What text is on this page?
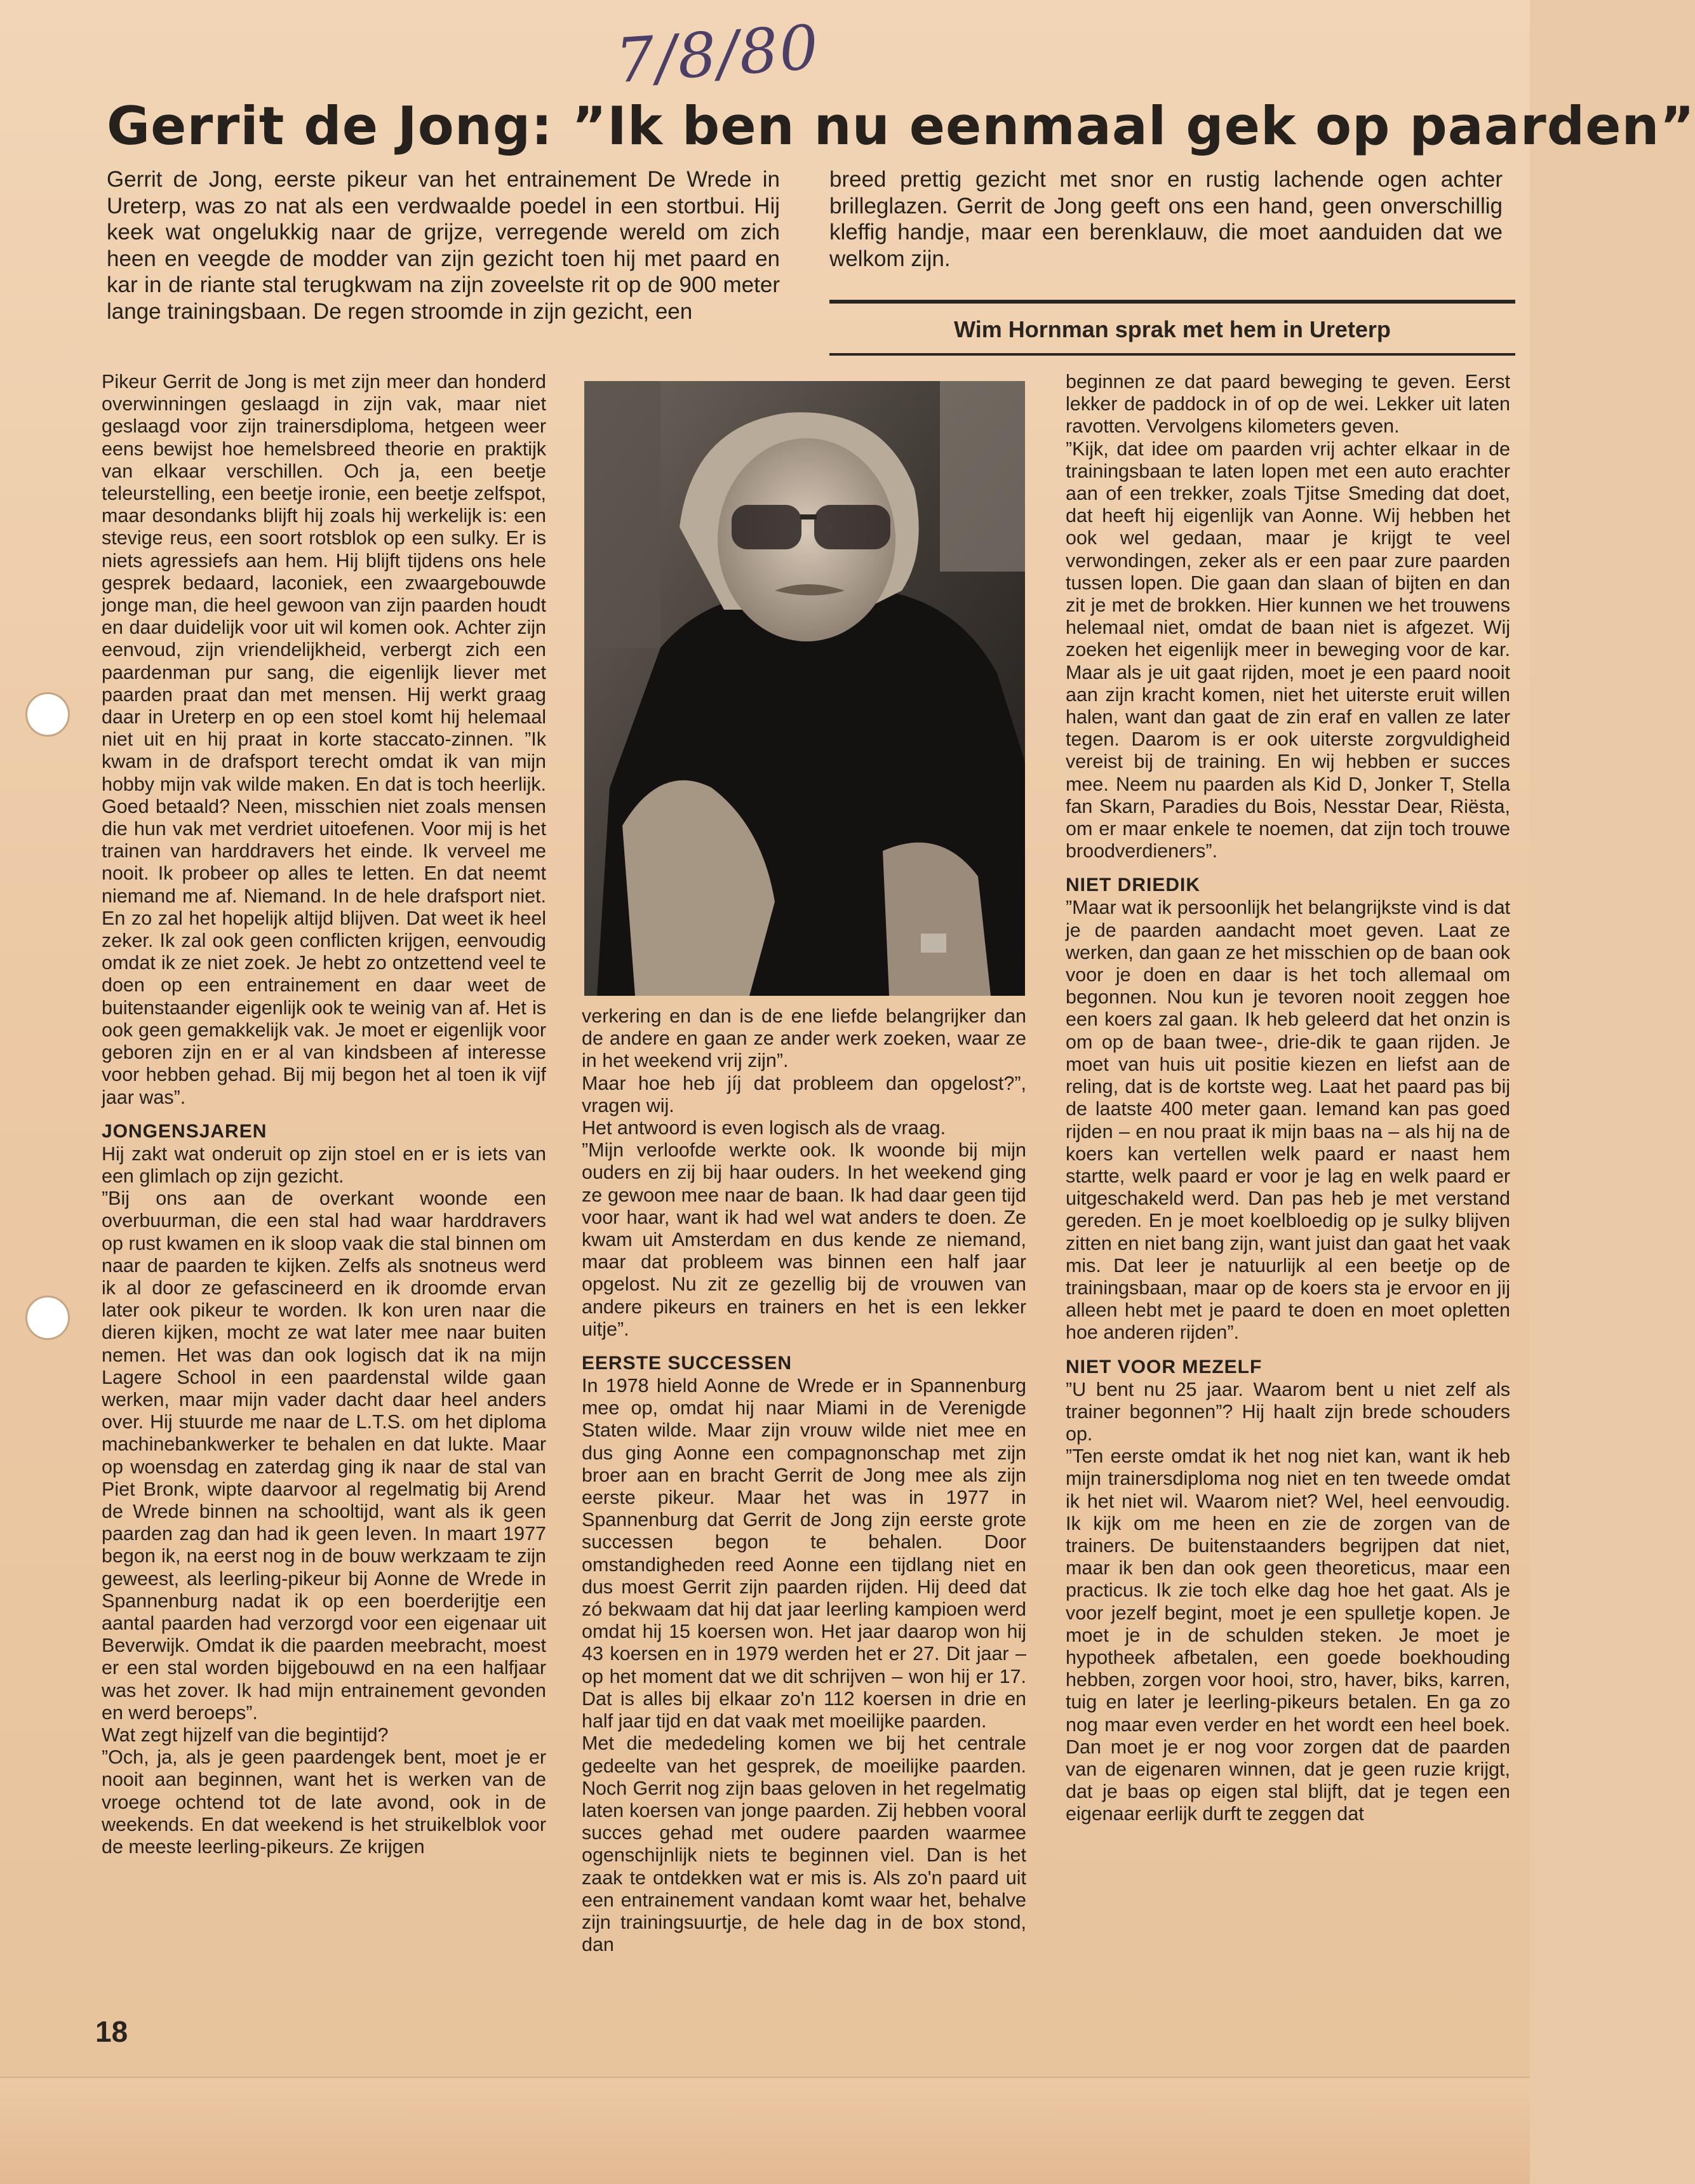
7/8/80
Gerrit de Jong: ”Ik ben nu eenmaal gek op paarden”

Gerrit de Jong, eerste pikeur van het entrainement De Wrede in Ureterp, was zo nat als een verdwaalde poedel in een stortbui. Hij keek wat ongelukkig naar de grijze, verregende wereld om zich heen en veegde de modder van zijn gezicht toen hij met paard en kar in de riante stal terugkwam na zijn zoveelste rit op de 900 meter lange trainingsbaan. De regen stroomde in zijn gezicht, een

breed prettig gezicht met snor en rustig lachende ogen achter brilleglazen. Gerrit de Jong geeft ons een hand, geen onverschillig kleffig handje, maar een berenklauw, die moet aanduiden dat we welkom zijn.

Wim Hornman sprak met hem in Ureterp

Pikeur Gerrit de Jong is met zijn meer dan honderd overwinningen geslaagd in zijn vak, maar niet geslaagd voor zijn trainersdiploma, hetgeen weer eens bewijst hoe hemelsbreed theorie en praktijk van elkaar verschillen. Och ja, een beetje teleurstelling, een beetje ironie, een beetje zelfspot, maar desondanks blijft hij zoals hij werkelijk is: een stevige reus, een soort rotsblok op een sulky. Er is niets agressiefs aan hem. Hij blijft tijdens ons hele gesprek bedaard, laconiek, een zwaargebouwde jonge man, die heel gewoon van zijn paarden houdt en daar duidelijk voor uit wil komen ook. Achter zijn eenvoud, zijn vriendelijkheid, verbergt zich een paardenman pur sang, die eigenlijk liever met paarden praat dan met mensen. Hij werkt graag daar in Ureterp en op een stoel komt hij helemaal niet uit en hij praat in korte staccato-zinnen. ”Ik kwam in de drafsport terecht omdat ik van mijn hobby mijn vak wilde maken. En dat is toch heerlijk. Goed betaald? Neen, misschien niet zoals mensen die hun vak met verdriet uitoefenen. Voor mij is het trainen van harddravers het einde. Ik verveel me nooit. Ik probeer op alles te letten. En dat neemt niemand me af. Niemand. In de hele drafsport niet. En zo zal het hopelijk altijd blijven. Dat weet ik heel zeker. Ik zal ook geen conflicten krijgen, eenvoudig omdat ik ze niet zoek. Je hebt zo ontzettend veel te doen op een entrainement en daar weet de buitenstaander eigenlijk ook te weinig van af. Het is ook geen gemakkelijk vak. Je moet er eigenlijk voor geboren zijn en er al van kindsbeen af interesse voor hebben gehad. Bij mij begon het al toen ik vijf jaar was”.

JONGENSJAREN

Hij zakt wat onderuit op zijn stoel en er is iets van een glimlach op zijn gezicht.

”Bij ons aan de overkant woonde een overbuurman, die een stal had waar harddravers op rust kwamen en ik sloop vaak die stal binnen om naar de paarden te kijken. Zelfs als snotneus werd ik al door ze gefascineerd en ik droomde ervan later ook pikeur te worden. Ik kon uren naar die dieren kijken, mocht ze wat later mee naar buiten nemen. Het was dan ook logisch dat ik na mijn Lagere School in een paardenstal wilde gaan werken, maar mijn vader dacht daar heel anders over. Hij stuurde me naar de L.T.S. om het diploma machinebankwerker te behalen en dat lukte. Maar op woensdag en zaterdag ging ik naar de stal van Piet Bronk, wipte daarvoor al regelmatig bij Arend de Wrede binnen na schooltijd, want als ik geen paarden zag dan had ik geen leven. In maart 1977 begon ik, na eerst nog in de bouw werkzaam te zijn geweest, als leerling-pikeur bij Aonne de Wrede in Spannenburg nadat ik op een boerderijtje een aantal paarden had verzorgd voor een eigenaar uit Beverwijk. Omdat ik die paarden meebracht, moest er een stal worden bijgebouwd en na een halfjaar was het zover. Ik had mijn entrainement gevonden en werd beroeps”.

Wat zegt hijzelf van die begintijd?

”Och, ja, als je geen paardengek bent, moet je er nooit aan beginnen, want het is werken van de vroege ochtend tot de late avond, ook in de weekends. En dat weekend is het struikelblok voor de meeste leerling-pikeurs. Ze krijgen

verkering en dan is de ene liefde belangrijker dan de andere en gaan ze ander werk zoeken, waar ze in het weekend vrij zijn”.

Maar hoe heb jíj dat probleem dan opgelost?”, vragen wij.

Het antwoord is even logisch als de vraag.

”Mijn verloofde werkte ook. Ik woonde bij mijn ouders en zij bij haar ouders. In het weekend ging ze gewoon mee naar de baan. Ik had daar geen tijd voor haar, want ik had wel wat anders te doen. Ze kwam uit Amsterdam en dus kende ze niemand, maar dat probleem was binnen een half jaar opgelost. Nu zit ze gezellig bij de vrouwen van andere pikeurs en trainers en het is een lekker uitje”.

EERSTE SUCCESSEN

In 1978 hield Aonne de Wrede er in Spannenburg mee op, omdat hij naar Miami in de Verenigde Staten wilde. Maar zijn vrouw wilde niet mee en dus ging Aonne een compagnonschap met zijn broer aan en bracht Gerrit de Jong mee als zijn eerste pikeur. Maar het was in 1977 in Spannenburg dat Gerrit de Jong zijn eerste grote successen begon te behalen. Door omstandigheden reed Aonne een tijdlang niet en dus moest Gerrit zijn paarden rijden. Hij deed dat zó bekwaam dat hij dat jaar leerling kampioen werd omdat hij 15 koersen won. Het jaar daarop won hij 43 koersen en in 1979 werden het er 27. Dit jaar – op het moment dat we dit schrijven – won hij er 17. Dat is alles bij elkaar zo'n 112 koersen in drie en half jaar tijd en dat vaak met moeilijke paarden.

Met die mededeling komen we bij het centrale gedeelte van het gesprek, de moeilijke paarden. Noch Gerrit nog zijn baas geloven in het regelmatig laten koersen van jonge paarden. Zij hebben vooral succes gehad met oudere paarden waarmee ogenschijnlijk niets te beginnen viel. Dan is het zaak te ontdekken wat er mis is. Als zo'n paard uit een entrainement vandaan komt waar het, behalve zijn trainingsuurtje, de hele dag in de box stond, dan

beginnen ze dat paard beweging te geven. Eerst lekker de paddock in of op de wei. Lekker uit laten ravotten. Vervolgens kilometers geven.

”Kijk, dat idee om paarden vrij achter elkaar in de trainingsbaan te laten lopen met een auto erachter aan of een trekker, zoals Tjitse Smeding dat doet, dat heeft hij eigenlijk van Aonne. Wij hebben het ook wel gedaan, maar je krijgt te veel verwondingen, zeker als er een paar zure paarden tussen lopen. Die gaan dan slaan of bijten en dan zit je met de brokken. Hier kunnen we het trouwens helemaal niet, omdat de baan niet is afgezet. Wij zoeken het eigenlijk meer in beweging voor de kar. Maar als je uit gaat rijden, moet je een paard nooit aan zijn kracht komen, niet het uiterste eruit willen halen, want dan gaat de zin eraf en vallen ze later tegen. Daarom is er ook uiterste zorgvuldigheid vereist bij de training. En wij hebben er succes mee. Neem nu paarden als Kid D, Jonker T, Stella fan Skarn, Paradies du Bois, Nesstar Dear, Riësta, om er maar enkele te noemen, dat zijn toch trouwe broodverdieners”.

NIET DRIEDIK

”Maar wat ik persoonlijk het belangrijkste vind is dat je de paarden aandacht moet geven. Laat ze werken, dan gaan ze het misschien op de baan ook voor je doen en daar is het toch allemaal om begonnen. Nou kun je tevoren nooit zeggen hoe een koers zal gaan. Ik heb geleerd dat het onzin is om op de baan twee-, drie-dik te gaan rijden. Je moet van huis uit positie kiezen en liefst aan de reling, dat is de kortste weg. Laat het paard pas bij de laatste 400 meter gaan. Iemand kan pas goed rijden – en nou praat ik mijn baas na – als hij na de koers kan vertellen welk paard er naast hem startte, welk paard er voor je lag en welk paard er uitgeschakeld werd. Dan pas heb je met verstand gereden. En je moet koelbloedig op je sulky blijven zitten en niet bang zijn, want juist dan gaat het vaak mis. Dat leer je natuurlijk al een beetje op de trainingsbaan, maar op de koers sta je ervoor en jij alleen hebt met je paard te doen en moet opletten hoe anderen rijden”.

NIET VOOR MEZELF

”U bent nu 25 jaar. Waarom bent u niet zelf als trainer begonnen”? Hij haalt zijn brede schouders op.

”Ten eerste omdat ik het nog niet kan, want ik heb mijn trainersdiploma nog niet en ten tweede omdat ik het niet wil. Waarom niet? Wel, heel eenvoudig. Ik kijk om me heen en zie de zorgen van de trainers. De buitenstaanders begrijpen dat niet, maar ik ben dan ook geen theoreticus, maar een practicus. Ik zie toch elke dag hoe het gaat. Als je voor jezelf begint, moet je een spulletje kopen. Je moet je in de schulden steken. Je moet je hypotheek afbetalen, een goede boekhouding hebben, zorgen voor hooi, stro, haver, biks, karren, tuig en later je leerling-pikeurs betalen. En ga zo nog maar even verder en het wordt een heel boek. Dan moet je er nog voor zorgen dat de paarden van de eigenaren winnen, dat je geen ruzie krijgt, dat je baas op eigen stal blijft, dat je tegen een eigenaar eerlijk durft te zeggen dat

18
